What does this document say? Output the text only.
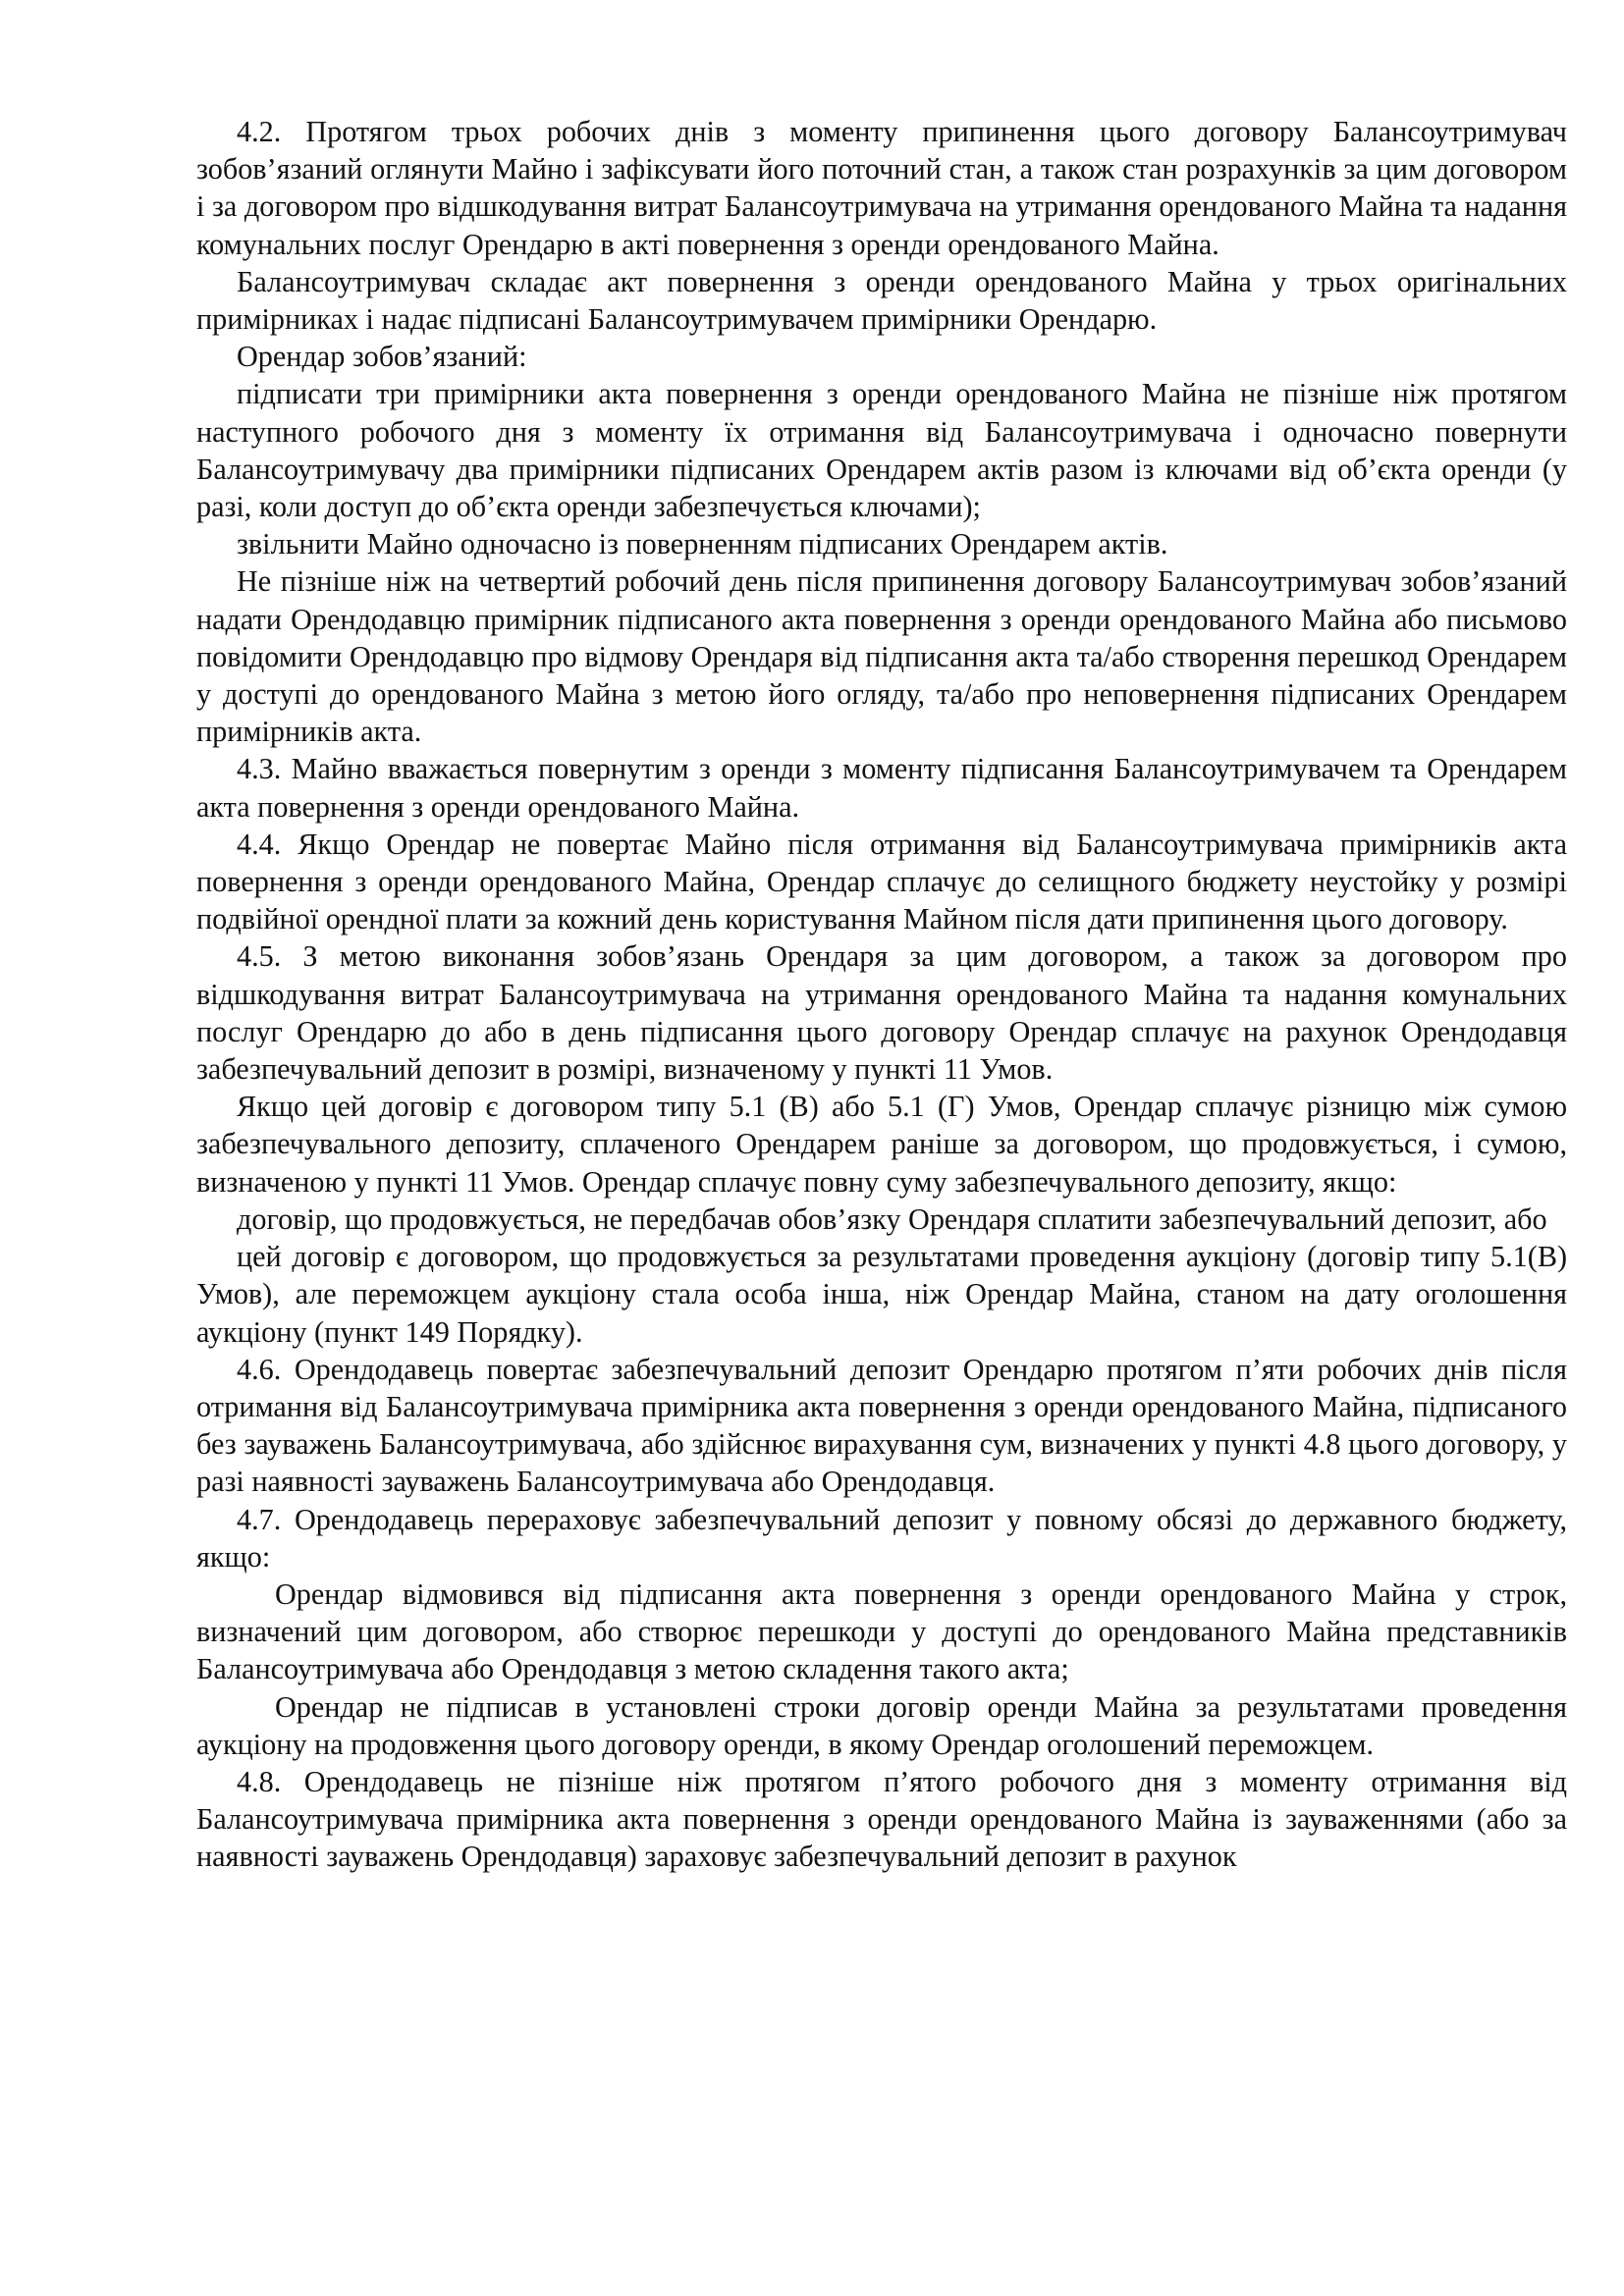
4.2. Протягом трьох робочих днів з моменту припинення цього договору Балансоутримувач зобов’язаний оглянути Майно і зафіксувати його поточний стан, а також стан розрахунків за цим договором і за договором про відшкодування витрат Балансоутримувача на утримання орендованого Майна та надання комунальних послуг Орендарю в акті повернення з оренди орендованого Майна.

Балансоутримувач складає акт повернення з оренди орендованого Майна у трьох оригінальних примірниках і надає підписані Балансоутримувачем примірники Орендарю.

Орендар зобов’язаний:

підписати три примірники акта повернення з оренди орендованого Майна не пізніше ніж протягом наступного робочого дня з моменту їх отримання від Балансоутримувача і одночасно повернути Балансоутримувачу два примірники підписаних Орендарем актів разом із ключами від об’єкта оренди (у разі, коли доступ до об’єкта оренди забезпечується ключами);

звільнити Майно одночасно із поверненням підписаних Орендарем актів.

Не пізніше ніж на четвертий робочий день після припинення договору Балансоутримувач зобов’язаний надати Орендодавцю примірник підписаного акта повернення з оренди орендованого Майна або письмово повідомити Орендодавцю про відмову Орендаря від підписання акта та/або створення перешкод Орендарем у доступі до орендованого Майна з метою його огляду, та/або про неповернення підписаних Орендарем примірників акта.

4.3. Майно вважається повернутим з оренди з моменту підписання Балансоутримувачем та Орендарем акта повернення з оренди орендованого Майна.

4.4. Якщо Орендар не повертає Майно після отримання від Балансоутримувача примірників акта повернення з оренди орендованого Майна, Орендар сплачує до селищного бюджету неустойку у розмірі подвійної орендної плати за кожний день користування Майном після дати припинення цього договору.

4.5. З метою виконання зобов’язань Орендаря за цим договором, а також за договором про відшкодування витрат Балансоутримувача на утримання орендованого Майна та надання комунальних послуг Орендарю до або в день підписання цього договору Орендар сплачує на рахунок Орендодавця забезпечувальний депозит в розмірі, визначеному у пункті 11 Умов.

Якщо цей договір є договором типу 5.1 (В) або 5.1 (Г) Умов, Орендар сплачує різницю між сумою забезпечувального депозиту, сплаченого Орендарем раніше за договором, що продовжується, і сумою, визначеною у пункті 11 Умов. Орендар сплачує повну суму забезпечувального депозиту, якщо:

договір, що продовжується, не передбачав обов’язку Орендаря сплатити забезпечувальний депозит, або

цей договір є договором, що продовжується за результатами проведення аукціону (договір типу 5.1(В) Умов), але переможцем аукціону стала особа інша, ніж Орендар Майна, станом на дату оголошення аукціону (пункт 149 Порядку).

4.6. Орендодавець повертає забезпечувальний депозит Орендарю протягом п’яти робочих днів після отримання від Балансоутримувача примірника акта повернення з оренди орендованого Майна, підписаного без зауважень Балансоутримувача, або здійснює вирахування сум, визначених у пункті 4.8 цього договору, у разі наявності зауважень Балансоутримувача або Орендодавця.

4.7. Орендодавець перераховує забезпечувальний депозит у повному обсязі до державного бюджету, якщо:

Орендар відмовився від підписання акта повернення з оренди орендованого Майна у строк, визначений цим договором, або створює перешкоди у доступі до орендованого Майна представників Балансоутримувача або Орендодавця з метою складення такого акта;

Орендар не підписав в установлені строки договір оренди Майна за результатами проведення аукціону на продовження цього договору оренди, в якому Орендар оголошений переможцем.

4.8. Орендодавець не пізніше ніж протягом п’ятого робочого дня з моменту отримання від Балансоутримувача примірника акта повернення з оренди орендованого Майна із зауваженнями (або за наявності зауважень Орендодавця) зараховує забезпечувальний депозит в рахунок
